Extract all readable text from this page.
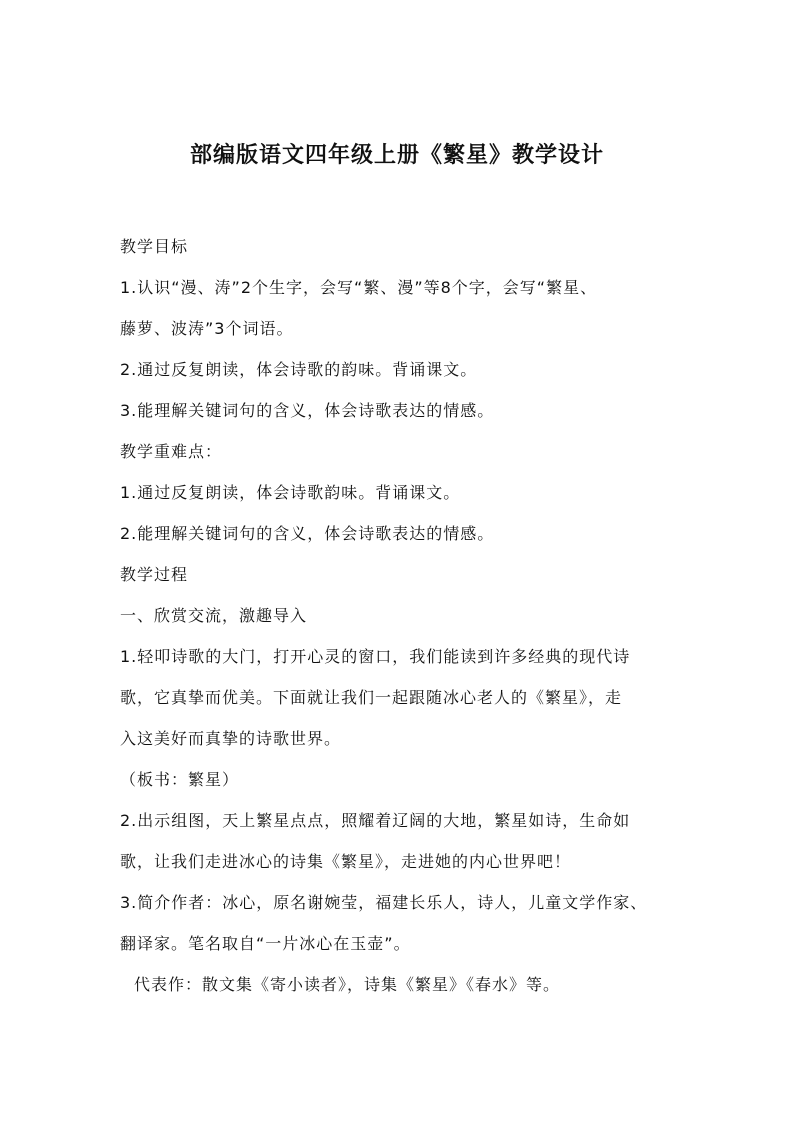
部编版语文四年级上册《繁星》教学设计

教学目标

1.认识“漫、涛”2个生字，会写“繁、漫”等8个字，会写“繁星、

藤萝、波涛”3个词语。

2.通过反复朗读，体会诗歌的韵味。背诵课文。

3.能理解关键词句的含义，体会诗歌表达的情感。

教学重难点：

1.通过反复朗读，体会诗歌韵味。背诵课文。

2.能理解关键词句的含义，体会诗歌表达的情感。

教学过程

一、欣赏交流，激趣导入

1.轻叩诗歌的大门，打开心灵的窗口，我们能读到许多经典的现代诗

歌，它真挚而优美。下面就让我们一起跟随冰心老人的《繁星》，走

入这美好而真挚的诗歌世界。

（板书：繁星）

2.出示组图，天上繁星点点，照耀着辽阔的大地，繁星如诗，生命如

歌，让我们走进冰心的诗集《繁星》，走进她的内心世界吧！

3.简介作者：冰心，原名谢婉莹，福建长乐人，诗人，儿童文学作家、

翻译家。笔名取自“一片冰心在玉壶”。

代表作：散文集《寄小读者》，诗集《繁星》《春水》等。
